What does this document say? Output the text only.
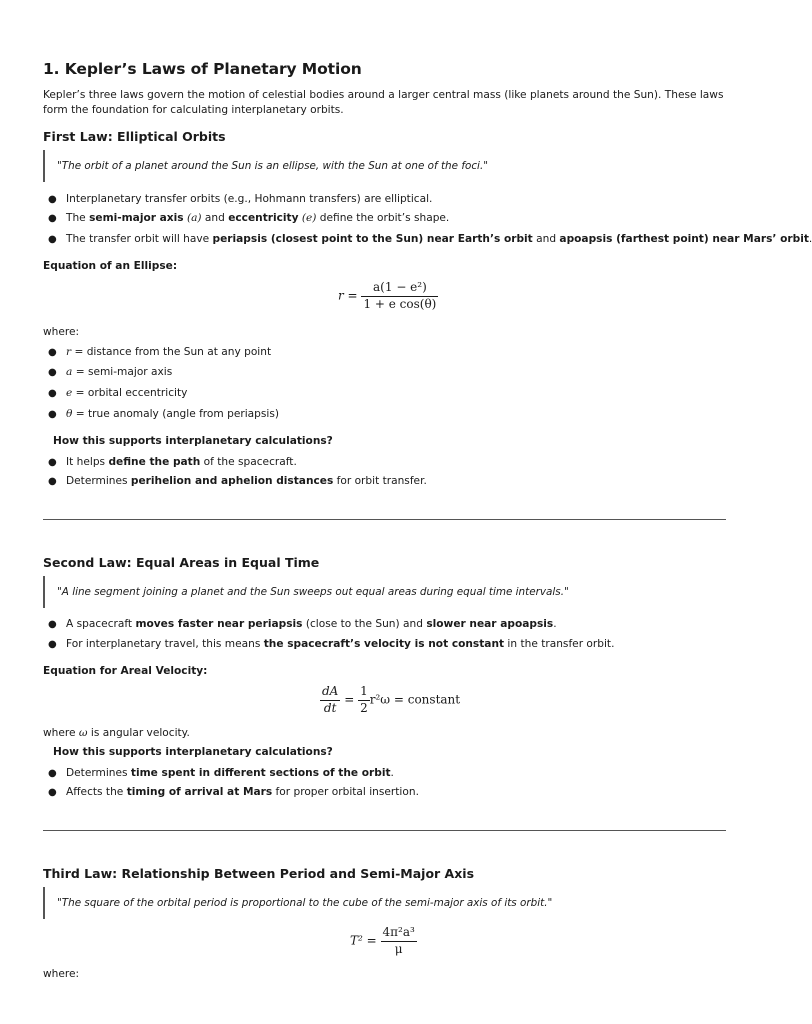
1. Kepler’s Laws of Planetary Motion
Kepler’s three laws govern the motion of celestial bodies around a larger central mass (like planets around the Sun). These laws form the foundation for calculating interplanetary orbits.
First Law: Elliptical Orbits
"The orbit of a planet around the Sun is an ellipse, with the Sun at one of the foci."
● Interplanetary transfer orbits (e.g., Hohmann transfers) are elliptical.
● The semi-major axis (a) and eccentricity (e) define the orbit’s shape.
● The transfer orbit will have periapsis (closest point to the Sun) near Earth’s orbit and apoapsis (farthest point) near Mars’ orbit.
Equation of an Ellipse:
$r = \frac{\text{a(1 − e²)}}{\text{1 + e cos(θ)}}$
where:
● r = distance from the Sun at any point
● a = semi-major axis
● e = orbital eccentricity
● θ = true anomaly (angle from periapsis)
How this supports interplanetary calculations?
● It helps define the path of the spacecraft.
● Determines perihelion and aphelion distances for orbit transfer.
Second Law: Equal Areas in Equal Time
"A line segment joining a planet and the Sun sweeps out equal areas during equal time intervals."
● A spacecraft moves faster near periapsis (close to the Sun) and slower near apoapsis.
● For interplanetary travel, this means the spacecraft’s velocity is not constant in the transfer orbit.
Equation for Areal Velocity:
$\frac{dA}{dt} = \frac{1}{2} r^2\omega$ = constant
where ω is angular velocity.
How this supports interplanetary calculations?
● Determines time spent in different sections of the orbit.
● Affects the timing of arrival at Mars for proper orbital insertion.
Third Law: Relationship Between Period and Semi-Major Axis
"The square of the orbital period is proportional to the cube of the semi-major axis of its orbit."
$T^2 = \frac{\text{4π²a³}}{\mu}$
where:
